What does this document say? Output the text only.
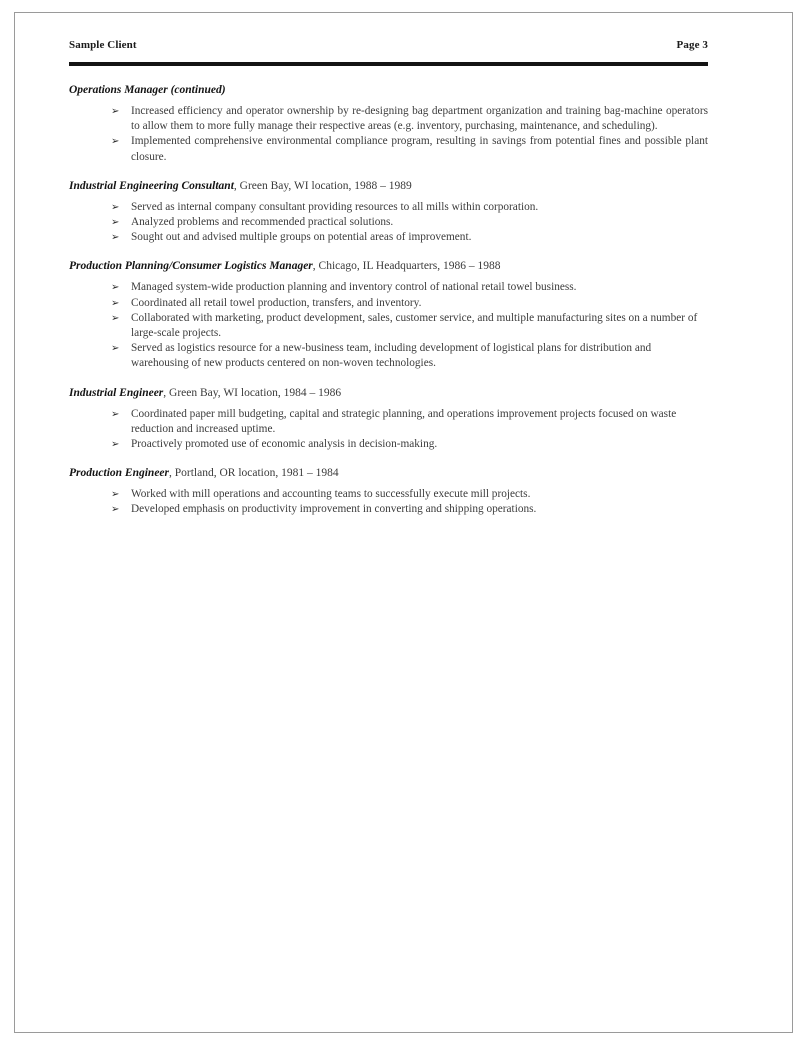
Sample Client	Page 3
Operations Manager (continued)
➢ Increased efficiency and operator ownership by re-designing bag department organization and training bag-machine operators to allow them to more fully manage their respective areas (e.g. inventory, purchasing, maintenance, and scheduling).
➢ Implemented comprehensive environmental compliance program, resulting in savings from potential fines and possible plant closure.
Industrial Engineering Consultant, Green Bay, WI location, 1988 – 1989
➢ Served as internal company consultant providing resources to all mills within corporation.
➢ Analyzed problems and recommended practical solutions.
➢ Sought out and advised multiple groups on potential areas of improvement.
Production Planning/Consumer Logistics Manager, Chicago, IL Headquarters, 1986 – 1988
➢ Managed system-wide production planning and inventory control of national retail towel business.
➢ Coordinated all retail towel production, transfers, and inventory.
➢ Collaborated with marketing, product development, sales, customer service, and multiple manufacturing sites on a number of large-scale projects.
➢ Served as logistics resource for a new-business team, including development of logistical plans for distribution and warehousing of new products centered on non-woven technologies.
Industrial Engineer, Green Bay, WI location, 1984 – 1986
➢ Coordinated paper mill budgeting, capital and strategic planning, and operations improvement projects focused on waste reduction and increased uptime.
➢ Proactively promoted use of economic analysis in decision-making.
Production Engineer, Portland, OR location, 1981 – 1984
➢ Worked with mill operations and accounting teams to successfully execute mill projects.
➢ Developed emphasis on productivity improvement in converting and shipping operations.
